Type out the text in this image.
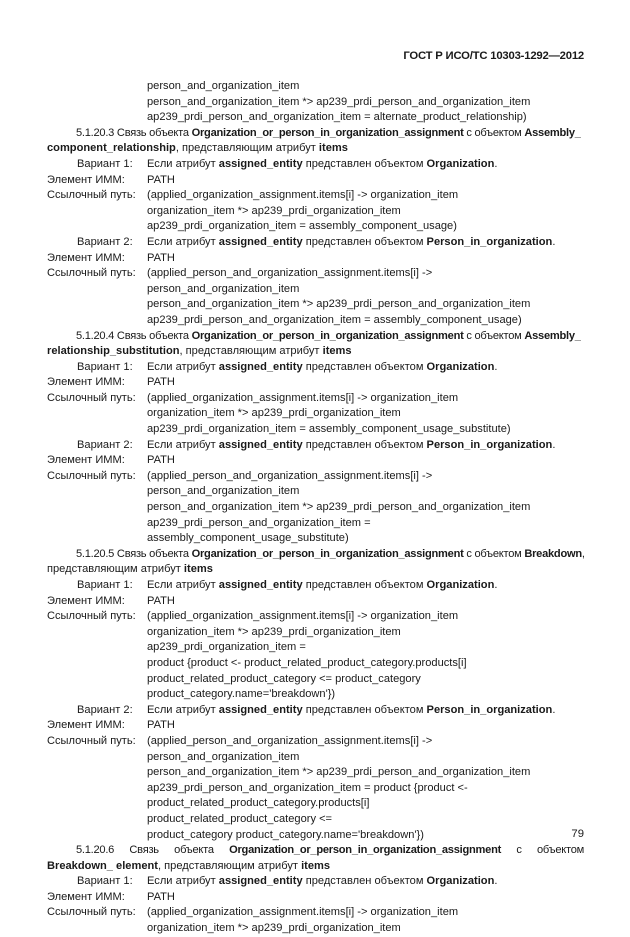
ГОСТ Р ИСО/ТС 10303-1292—2012
person_and_organization_item
person_and_organization_item *> ap239_prdi_person_and_organization_item
ap239_prdi_person_and_organization_item = alternate_product_relationship)
5.1.20.3 Связь объекта Organization_or_person_in_organization_assignment с объектом Assembly_
component_relationship, представляющим атрибут items
Вариант 1:	Если атрибут assigned_entity представлен объектом Organization.
Элемент ИММ:	PATH
Ссылочный путь:	(applied_organization_assignment.items[i] -> organization_item
organization_item *> ap239_prdi_organization_item
ap239_prdi_organization_item = assembly_component_usage)
Вариант 2:	Если атрибут assigned_entity представлен объектом Person_in_organization.
Элемент ИММ:	PATH
Ссылочный путь:	(applied_person_and_organization_assignment.items[i] ->
person_and_organization_item
person_and_organization_item *> ap239_prdi_person_and_organization_item
ap239_prdi_person_and_organization_item = assembly_component_usage)
5.1.20.4 Связь объекта Organization_or_person_in_organization_assignment с объектом Assembly_
relationship_substitution, представляющим атрибут items
Вариант 1:	Если атрибут assigned_entity представлен объектом Organization.
Элемент ИММ:	PATH
Ссылочный путь:	(applied_organization_assignment.items[i] -> organization_item
organization_item *> ap239_prdi_organization_item
ap239_prdi_organization_item = assembly_component_usage_substitute)
Вариант 2:	Если атрибут assigned_entity представлен объектом Person_in_organization.
Элемент ИММ:	PATH
Ссылочный путь:	(applied_person_and_organization_assignment.items[i] ->
person_and_organization_item
person_and_organization_item *> ap239_prdi_person_and_organization_item
ap239_prdi_person_and_organization_item =
assembly_component_usage_substitute)
5.1.20.5 Связь объекта Organization_or_person_in_organization_assignment с объектом Breakdown,
представляющим атрибут items
Вариант 1:	Если атрибут assigned_entity представлен объектом Organization.
Элемент ИММ:	PATH
Ссылочный путь:	(applied_organization_assignment.items[i] -> organization_item
organization_item *> ap239_prdi_organization_item
ap239_prdi_organization_item =
product {product <- product_related_product_category.products[i]
product_related_product_category <= product_category
product_category.name='breakdown'})
Вариант 2:	Если атрибут assigned_entity представлен объектом Person_in_organization.
Элемент ИММ:	PATH
Ссылочный путь:	(applied_person_and_organization_assignment.items[i] ->
person_and_organization_item
person_and_organization_item *> ap239_prdi_person_and_organization_item
ap239_prdi_person_and_organization_item = product {product <-
product_related_product_category.products[i]
product_related_product_category <=
product_category product_category.name='breakdown'})
5.1.20.6 Связь объекта Organization_or_person_in_organization_assignment с объектом
Breakdown_ element, представляющим атрибут items
Вариант 1:	Если атрибут assigned_entity представлен объектом Organization.
Элемент ИММ:	PATH
Ссылочный путь:	(applied_organization_assignment.items[i] -> organization_item
organization_item *> ap239_prdi_organization_item
79
